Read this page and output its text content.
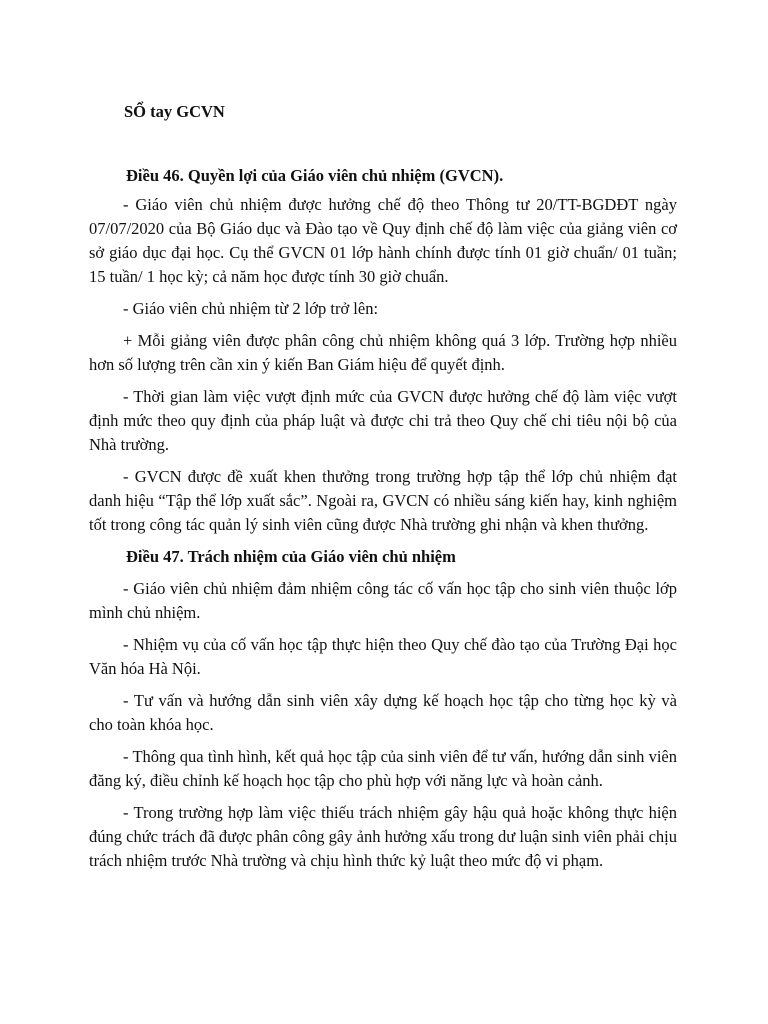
SỔ tay GCVN
Điều 46. Quyền lợi của Giáo viên chủ nhiệm (GVCN).

- Giáo viên chủ nhiệm được hưởng chế độ theo Thông tư 20/TT-BGDĐT ngày 07/07/2020 của Bộ Giáo dục và Đào tạo về Quy định chế độ làm việc của giảng viên cơ sở giáo dục đại học. Cụ thể GVCN 01 lớp hành chính được tính 01 giờ chuẩn/ 01 tuần; 15 tuần/ 1 học kỳ; cả năm học được tính 30 giờ chuẩn.

- Giáo viên chủ nhiệm từ 2 lớp trở lên:

+ Mỗi giảng viên được phân công chủ nhiệm không quá 3 lớp. Trường hợp nhiều hơn số lượng trên cần xin ý kiến Ban Giám hiệu để quyết định.

- Thời gian làm việc vượt định mức của GVCN được hưởng chế độ làm việc vượt định mức theo quy định của pháp luật và được chi trả theo Quy chế chi tiêu nội bộ của Nhà trường.

- GVCN được đề xuất khen thưởng trong trường hợp tập thể lớp chủ nhiệm đạt danh hiệu “Tập thể lớp xuất sắc”. Ngoài ra, GVCN có nhiều sáng kiến hay, kinh nghiệm tốt trong công tác quản lý sinh viên cũng được Nhà trường ghi nhận và khen thưởng.

Điều 47. Trách nhiệm của Giáo viên chủ nhiệm

- Giáo viên chủ nhiệm đảm nhiệm công tác cố vấn học tập cho sinh viên thuộc lớp mình chủ nhiệm.

- Nhiệm vụ của cố vấn học tập thực hiện theo Quy chế đào tạo của Trường Đại học Văn hóa Hà Nội.

- Tư vấn và hướng dẫn sinh viên xây dựng kế hoạch học tập cho từng học kỳ và cho toàn khóa học.

- Thông qua tình hình, kết quả học tập của sinh viên để tư vấn, hướng dẫn sinh viên đăng ký, điều chỉnh kế hoạch học tập cho phù hợp với năng lực và hoàn cảnh.

- Trong trường hợp làm việc thiếu trách nhiệm gây hậu quả hoặc không thực hiện đúng chức trách đã được phân công gây ảnh hưởng xấu trong dư luận sinh viên phải chịu trách nhiệm trước Nhà trường và chịu hình thức kỷ luật theo mức độ vi phạm.
